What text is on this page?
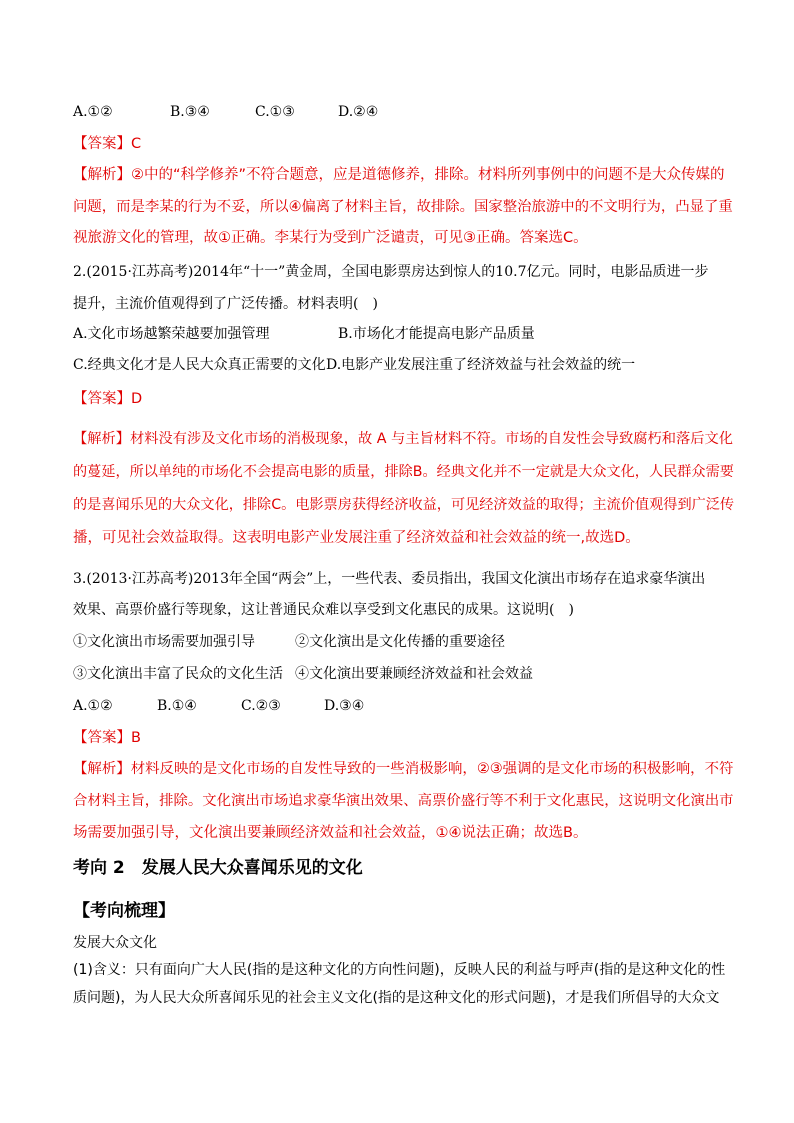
A.①②	B.③④	C.①③	D.②④
【答案】C
【解析】②中的“科学修养”不符合题意，应是道德修养，排除。材料所列事例中的问题不是大众传媒的
问题，而是李某的行为不妥，所以④偏离了材料主旨，故排除。国家整治旅游中的不文明行为，凸显了重
视旅游文化的管理，故①正确。李某行为受到广泛谴责，可见③正确。答案选C。
2.(2015·江苏高考)2014年“十一”黄金周，全国电影票房达到惊人的10.7亿元。同时，电影品质进一步
提升，主流价值观得到了广泛传播。材料表明(　)
A.文化市场越繁荣越要加强管理	B.市场化才能提高电影产品质量
C.经典文化才是人民大众真正需要的文化 D.电影产业发展注重了经济效益与社会效益的统一
【答案】D
【解析】材料没有涉及文化市场的消极现象，故 A 与主旨材料不符。市场的自发性会导致腐朽和落后文化
的蔓延，所以单纯的市场化不会提高电影的质量，排除B。经典文化并不一定就是大众文化，人民群众需要
的是喜闻乐见的大众文化，排除C。电影票房获得经济收益，可见经济效益的取得；主流价值观得到广泛传
播，可见社会效益取得。这表明电影产业发展注重了经济效益和社会效益的统一,故选D。
3.(2013·江苏高考)2013年全国“两会”上，一些代表、委员指出，我国文化演出市场存在追求豪华演出
效果、高票价盛行等现象，这让普通民众难以享受到文化惠民的成果。这说明(　)
①文化演出市场需要加强引导	②文化演出是文化传播的重要途径
③文化演出丰富了民众的文化生活 ④文化演出要兼顾经济效益和社会效益
A.①②	B.①④	C.②③	D.③④
【答案】B
【解析】材料反映的是文化市场的自发性导致的一些消极影响，②③强调的是文化市场的积极影响，不符
合材料主旨，排除。文化演出市场追求豪华演出效果、高票价盛行等不利于文化惠民，这说明文化演出市
场需要加强引导，文化演出要兼顾经济效益和社会效益，①④说法正确；故选B。
考向 2　发展人民大众喜闻乐见的文化
【考向梳理】
发展大众文化
(1)含义：只有面向广大人民(指的是这种文化的方向性问题)，反映人民的利益与呼声(指的是这种文化的性
质问题)，为人民大众所喜闻乐见的社会主义文化(指的是这种文化的形式问题)，才是我们所倡导的大众文
